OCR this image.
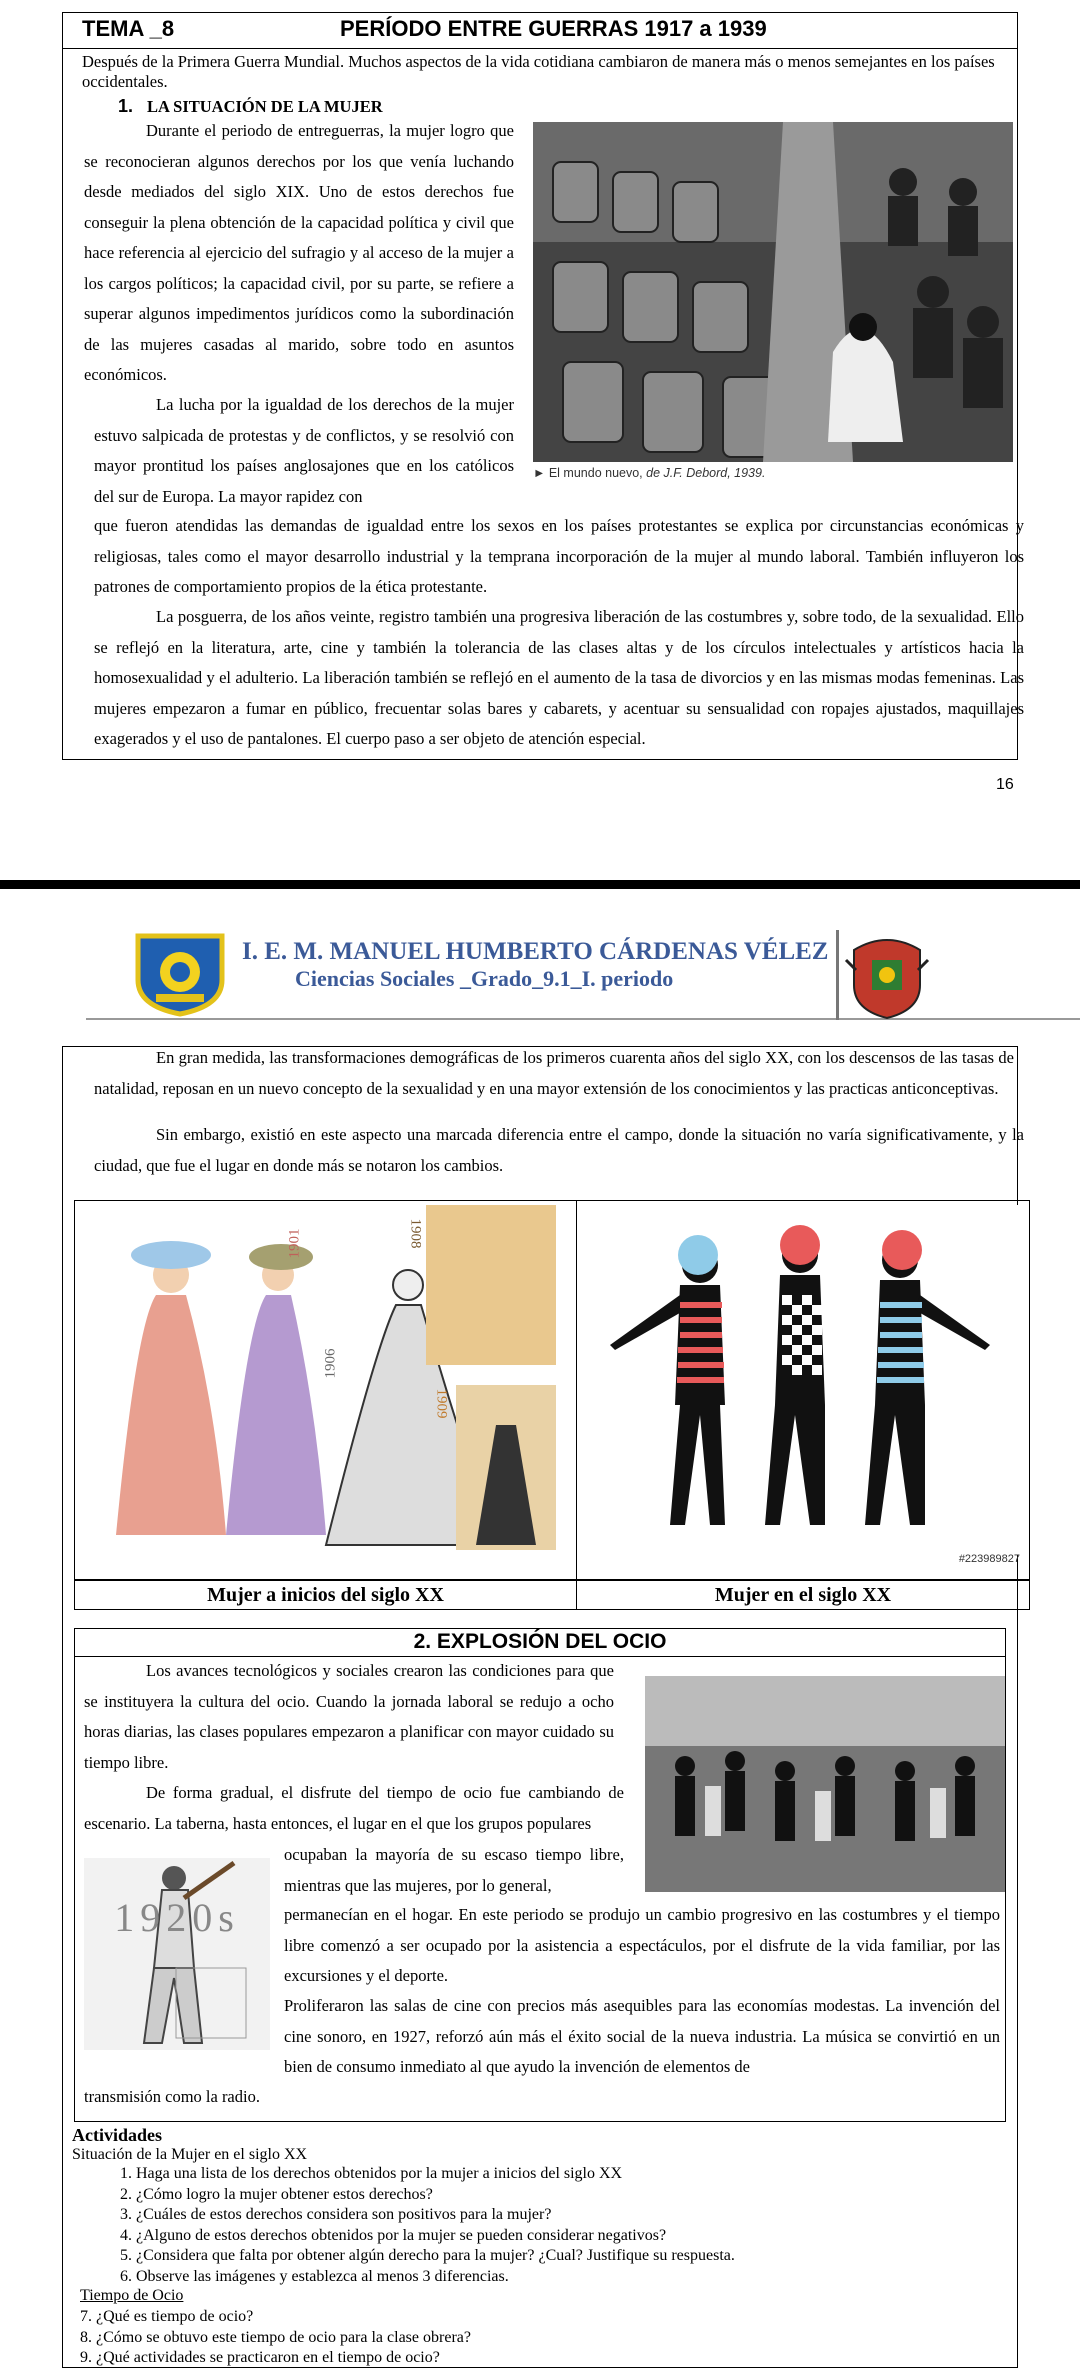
TEMA _8	PERÍODO ENTRE GUERRAS 1917 a 1939
Después de la Primera Guerra Mundial. Muchos aspectos de la vida cotidiana cambiaron de manera más o menos semejantes en los países occidentales.
1. LA SITUACIÓN DE LA MUJER
Durante el periodo de entreguerras, la mujer logro que se reconocieran algunos derechos por los que venía luchando desde mediados del siglo XIX. Uno de estos derechos fue conseguir la plena obtención de la capacidad política y civil que hace referencia al ejercicio del sufragio y al acceso de la mujer a los cargos políticos; la capacidad civil, por su parte, se refiere a superar algunos impedimentos jurídicos como la subordinación de las mujeres casadas al marido, sobre todo en asuntos económicos.
La lucha por la igualdad de los derechos de la mujer estuvo salpicada de protestas y de conflictos, y se resolvió con mayor prontitud los países anglosajones que en los católicos del sur de Europa. La mayor rapidez con
► El mundo nuevo, de J.F. Debord, 1939.
que fueron atendidas las demandas de igualdad entre los sexos en los países protestantes se explica por circunstancias económicas y religiosas, tales como el mayor desarrollo industrial y la temprana incorporación de la mujer al mundo laboral. También influyeron los patrones de comportamiento propios de la ética protestante.
La posguerra, de los años veinte, registro también una progresiva liberación de las costumbres y, sobre todo, de la sexualidad. Ello se reflejó en la literatura, arte, cine y también la tolerancia de las clases altas y de los círculos intelectuales y artísticos hacia la homosexualidad y el adulterio. La liberación también se reflejó en el aumento de la tasa de divorcios y en las mismas modas femeninas. Las mujeres empezaron a fumar en público, frecuentar solas bares y cabarets, y acentuar su sensualidad con ropajes ajustados, maquillajes exagerados y el uso de pantalones. El cuerpo paso a ser objeto de atención especial.
16
I. E. M. MANUEL HUMBERTO CÁRDENAS VÉLEZ
Ciencias Sociales _Grado_9.1_I. periodo
En gran medida, las transformaciones demográficas de los primeros cuarenta años del siglo XX, con los descensos de las tasas de natalidad, reposan en un nuevo concepto de la sexualidad y en una mayor extensión de los conocimientos y las practicas anticonceptivas.
Sin embargo, existió en este aspecto una marcada diferencia entre el campo, donde la situación no varía significativamente, y la ciudad, que fue el lugar en donde más se notaron los cambios.
1901
1906
1908
1909
#223989827
Mujer a inicios del siglo XX	Mujer en el siglo XX
2. EXPLOSIÓN DEL OCIO
Los avances tecnológicos y sociales crearon las condiciones para que se instituyera la cultura del ocio. Cuando la jornada laboral se redujo a ocho horas diarias, las clases populares empezaron a planificar con mayor cuidado su tiempo libre.
De forma gradual, el disfrute del tiempo de ocio fue cambiando de escenario. La taberna, hasta entonces, el lugar en el que los grupos populares
ocupaban la mayoría de su escaso tiempo libre, mientras que las mujeres, por lo general,
1920s	permanecían en el hogar. En este periodo se produjo un cambio progresivo en las costumbres y el tiempo libre comenzó a ser ocupado por la asistencia a espectáculos, por el disfrute de la vida familiar, por las excursiones y el deporte.
Proliferaron las salas de cine con precios más asequibles para las economías modestas. La invención del cine sonoro, en 1927, reforzó aún más el éxito social de la nueva industria. La música se convirtió en un bien de consumo inmediato al que ayudo la invención de elementos de
transmisión como la radio.
Actividades
Situación de la Mujer en el siglo XX
1. Haga una lista de los derechos obtenidos por la mujer a inicios del siglo XX
2. ¿Cómo logro la mujer obtener estos derechos?
3. ¿Cuáles de estos derechos considera son positivos para la mujer?
4. ¿Alguno de estos derechos obtenidos por la mujer se pueden considerar negativos?
5. ¿Considera que falta por obtener algún derecho para la mujer? ¿Cual? Justifique su respuesta.
6. Observe las imágenes y establezca al menos 3 diferencias.
Tiempo de Ocio
7. ¿Qué es tiempo de ocio?
8. ¿Cómo se obtuvo este tiempo de ocio para la clase obrera?
9. ¿Qué actividades se practicaron en el tiempo de ocio?
